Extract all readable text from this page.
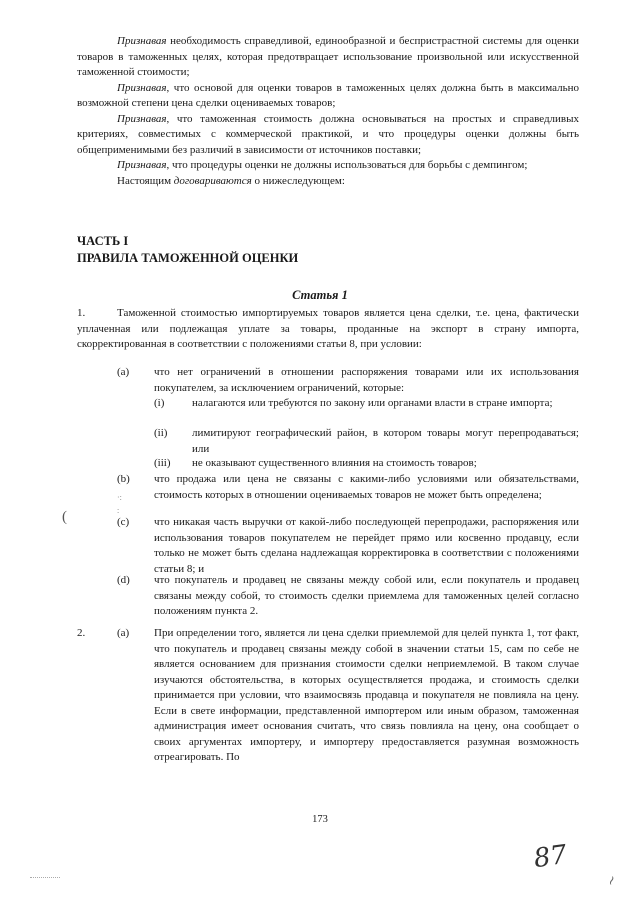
Признавая необходимость справедливой, единообразной и беспристрастной системы для оценки товаров в таможенных целях, которая предотвращает использование произвольной или искусственной таможенной стоимости;

Признавая, что основой для оценки товаров в таможенных целях должна быть в максимально возможной степени цена сделки оцениваемых товаров;

Признавая, что таможенная стоимость должна основываться на простых и справедливых критериях, совместимых с коммерческой практикой, и что процедуры оценки должны быть общеприменимыми без различий в зависимости от источников поставки;

Признавая, что процедуры оценки не должны использоваться для борьбы с демпингом;

Настоящим договариваются о нижеследующем:

ЧАСТЬ I
ПРАВИЛА ТАМОЖЕННОЙ ОЦЕНКИ
Статья 1
1.	Таможенной стоимостью импортируемых товаров является цена сделки, т.е. цена, фактически уплаченная или подлежащая уплате за товары, проданные на экспорт в страну импорта, скорректированная в соответствии с положениями статьи 8, при условии:

(a) что нет ограничений в отношении распоряжения товарами или их использования покупателем, за исключением ограничений, которые:

(i)	налагаются или требуются по закону или органами власти в стране импорта;

(ii) лимитируют географический район, в котором товары могут перепродаваться; или

(iii) не оказывают существенного влияния на стоимость товаров;

(b) что продажа или цена не связаны с какими-либо условиями или обязательствами, стоимость которых в отношении оцениваемых товаров не может быть определена;

(c) что никакая часть выручки от какой-либо последующей перепродажи, распоряжения или использования товаров покупателем не перейдет прямо или косвенно продавцу, если только не может быть сделана надлежащая корректировка в соответствии с положениями статьи 8; и

(d) что покупатель и продавец не связаны между собой или, если покупатель и продавец связаны между собой, то стоимость сделки приемлема для таможенных целей согласно положениям пункта 2.

2.	(a) При определении того, является ли цена сделки приемлемой для целей пункта 1, тот факт, что покупатель и продавец связаны между собой в значении статьи 15, сам по себе не является основанием для признания стоимости сделки неприемлемой. В таком случае изучаются обстоятельства, в которых осуществляется продажа, и стоимость сделки принимается при условии, что взаимосвязь продавца и покупателя не повлияла на цену. Если в свете информации, представленной импортером или иным образом, таможенная администрация имеет основания считать, что связь повлияла на цену, она сообщает о своих аргументах импортеру, и импортеру предоставляется разумная возможность отреагировать. По

173
87
~
·:
:
(
